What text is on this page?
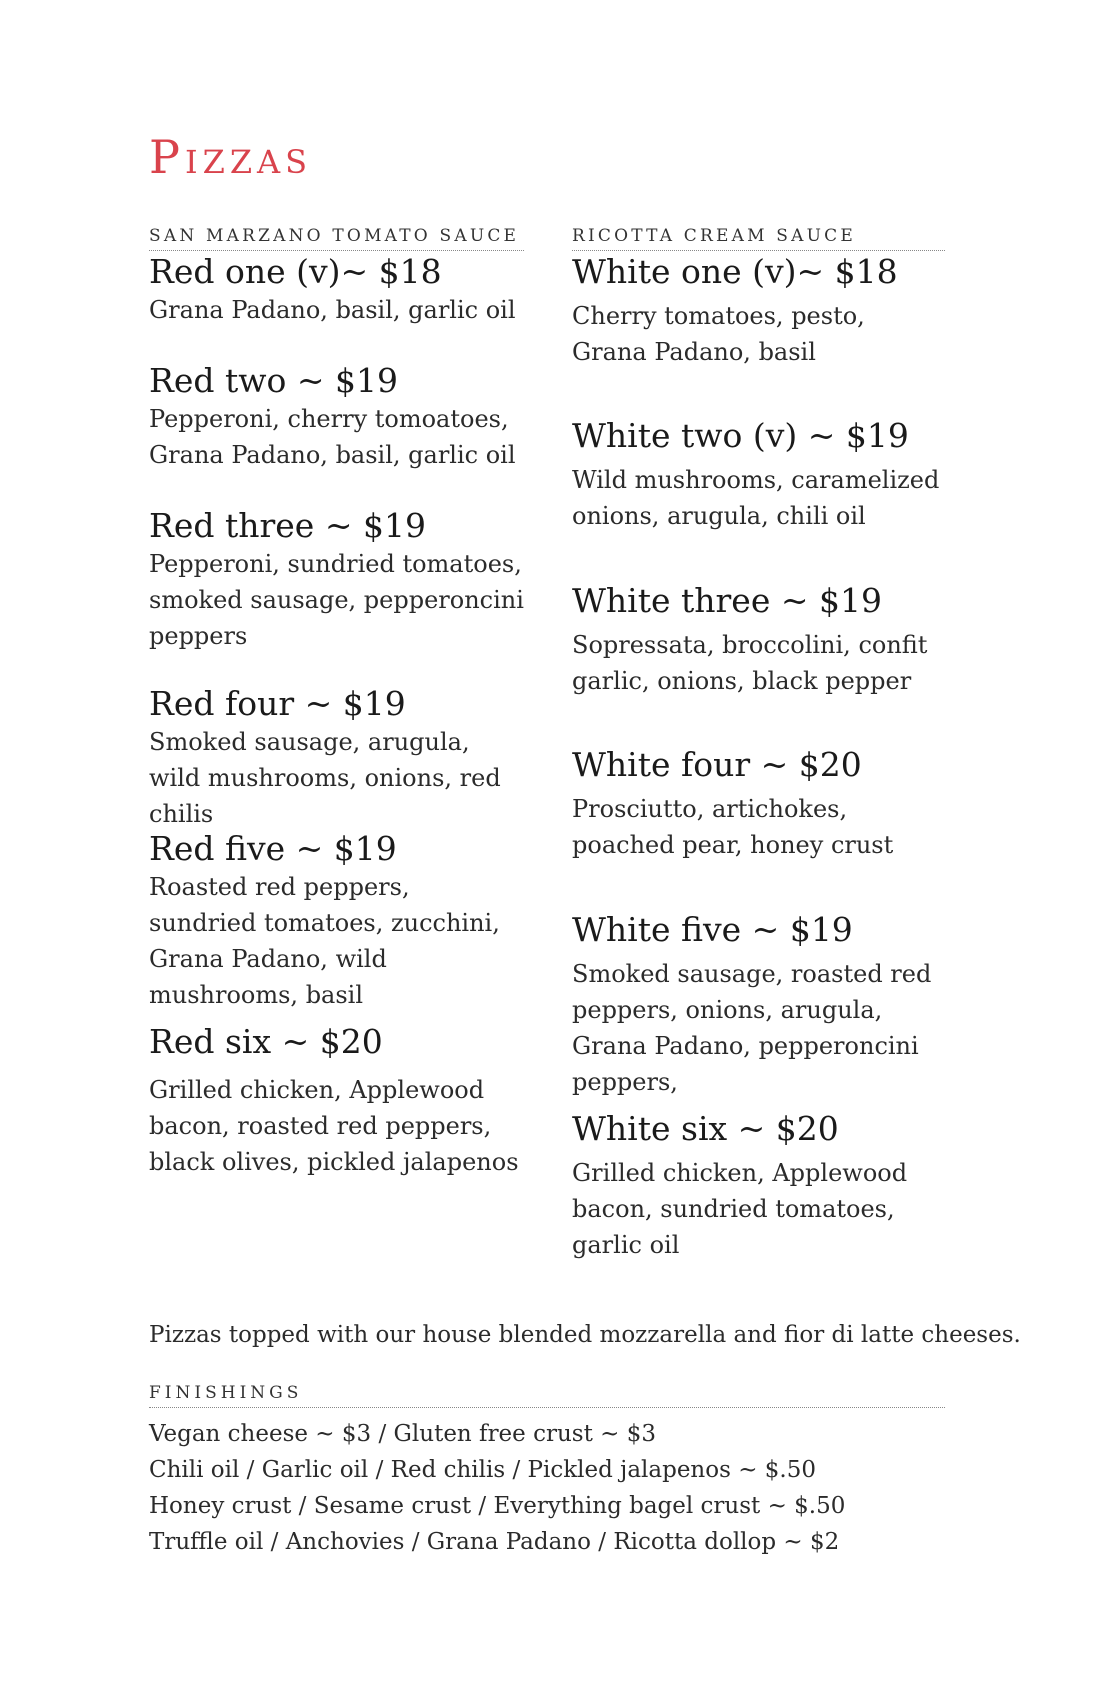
Pizzas
SAN MARZANO TOMATO SAUCE
Red one (v)~ $18
Grana Padano, basil, garlic oil
Red two ~ $19
Pepperoni, cherry tomoatoes, Grana Padano, basil, garlic oil
Red three ~ $19
Pepperoni, sundried tomatoes, smoked sausage, pepperoncini peppers
Red four ~ $19
Smoked sausage, arugula, wild mushrooms, onions, red chilis
Red five ~ $19
Roasted red peppers, sundried tomatoes, zucchini, Grana Padano, wild mushrooms, basil
Red six ~ $20
Grilled chicken, Applewood bacon, roasted red peppers, black olives, pickled jalapenos
RICOTTA CREAM SAUCE
White one (v)~ $18
Cherry tomatoes, pesto, Grana Padano, basil
White two (v) ~ $19
Wild mushrooms, caramelized onions, arugula, chili oil
White three ~ $19
Sopressata, broccolini, confit garlic, onions, black pepper
White four ~ $20
Prosciutto, artichokes, poached pear, honey crust
White five ~ $19
Smoked sausage, roasted red peppers, onions, arugula, Grana Padano, pepperoncini peppers,
White six ~ $20
Grilled chicken, Applewood bacon, sundried tomatoes, garlic oil
Pizzas topped with our house blended mozzarella and fior di latte cheeses.
FINISHINGS
Vegan cheese ~ $3 / Gluten free crust ~ $3
Chili oil / Garlic oil / Red chilis / Pickled jalapenos ~ $.50
Honey crust / Sesame crust / Everything bagel crust ~ $.50
Truffle oil / Anchovies / Grana Padano / Ricotta dollop ~ $2
